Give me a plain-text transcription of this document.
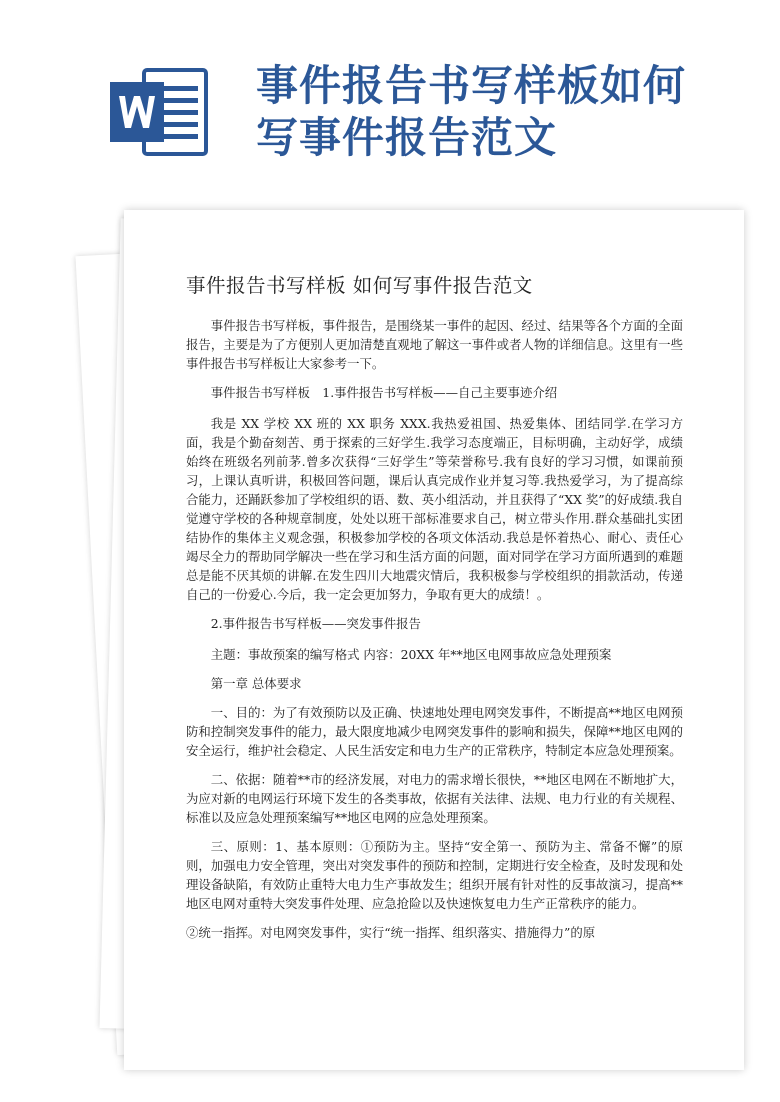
事件报告书写样板如何
写事件报告范文
事件报告书写样板 如何写事件报告范文

事件报告书写样板，事件报告，是围绕某一事件的起因、经过、结果等各个方面的全面报告，主要是为了方便别人更加清楚直观地了解这一事件或者人物的详细信息。这里有一些事件报告书写样板让大家参考一下。

事件报告书写样板　1.事件报告书写样板——自己主要事迹介绍

我是 XX 学校 XX 班的 XX 职务 XXX.我热爱祖国、热爱集体、团结同学.在学习方面，我是个勤奋刻苦、勇于探索的三好学生.我学习态度端正，目标明确，主动好学，成绩始终在班级名列前茅.曾多次获得“三好学生”等荣誉称号.我有良好的学习习惯，如课前预习，上课认真听讲，积极回答问题，课后认真完成作业并复习等.我热爱学习，为了提高综合能力，还踊跃参加了学校组织的语、数、英小组活动，并且获得了“XX 奖”的好成绩.我自觉遵守学校的各种规章制度，处处以班干部标准要求自己，树立带头作用.群众基础扎实团结协作的集体主义观念强，积极参加学校的各项文体活动.我总是怀着热心、耐心、责任心竭尽全力的帮助同学解决一些在学习和生活方面的问题，面对同学在学习方面所遇到的难题总是能不厌其烦的讲解.在发生四川大地震灾情后，我积极参与学校组织的捐款活动，传递自己的一份爱心.今后，我一定会更加努力，争取有更大的成绩！。

2.事件报告书写样板——突发事件报告

主题：事故预案的编写格式 内容：20XX 年**地区电网事故应急处理预案

第一章 总体要求

一、目的：为了有效预防以及正确、快速地处理电网突发事件，不断提高**地区电网预防和控制突发事件的能力，最大限度地减少电网突发事件的影响和损失，保障**地区电网的安全运行，维护社会稳定、人民生活安定和电力生产的正常秩序，特制定本应急处理预案。

二、依据：随着**市的经济发展，对电力的需求增长很快，**地区电网在不断地扩大，为应对新的电网运行环境下发生的各类事故，依据有关法律、法规、电力行业的有关规程、标准以及应急处理预案编写**地区电网的应急处理预案。

三、原则：1、基本原则：①预防为主。坚持“安全第一、预防为主、常备不懈”的原则，加强电力安全管理，突出对突发事件的预防和控制，定期进行安全检查，及时发现和处理设备缺陷，有效防止重特大电力生产事故发生；组织开展有针对性的反事故演习，提高**地区电网对重特大突发事件处理、应急抢险以及快速恢复电力生产正常秩序的能力。

②统一指挥。对电网突发事件，实行“统一指挥、组织落实、措施得力”的原
